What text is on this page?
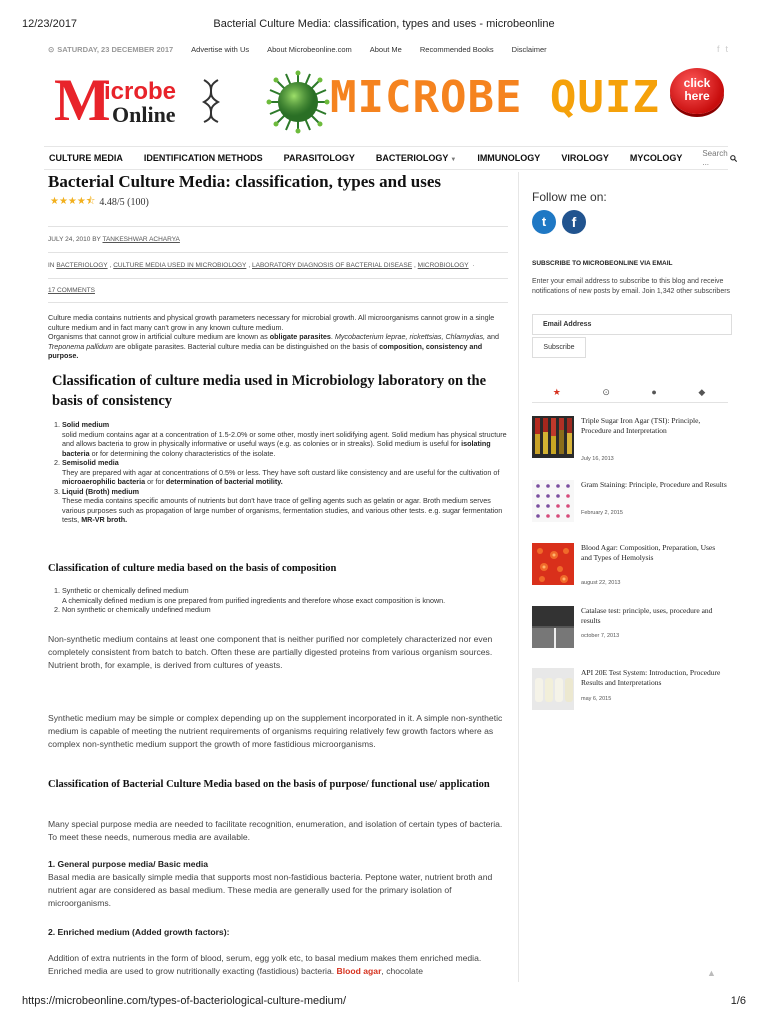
12/23/2017	Bacterial Culture Media: classification, types and uses - microbeonline
⊙ SATURDAY, 23 DECEMBER 2017 Advertise with Us About Microbeonline.com About Me Recommended Books Disclaimer	f t
M
icrobe
Online	MICROBE QUIZ	click
here
CULTURE MEDIA	IDENTIFICATION METHODS	PARASITOLOGY	BACTERIOLOGY ▼	IMMUNOLOGY	VIROLOGY	MYCOLOGY	Search ...
Bacterial Culture Media: classification, types and uses
★★★★⯪ 4.48/5 (100)
JULY 24, 2010 BY TANKESHWAR ACHARYA
IN BACTERIOLOGY , CULTURE MEDIA USED IN MICROBIOLOGY , LABORATORY DIAGNOSIS OF BACTERIAL DISEASE , MICROBIOLOGY ·
17 COMMENTS
Culture media contains nutrients and physical growth parameters necessary for microbial growth. All microorganisms cannot grow in a single culture medium and in fact many can't grow in any known culture medium.
Organisms that cannot grow in artificial culture medium are known as obligate parasites. Mycobacterium leprae, rickettsias, Chlamydias, and Treponema pallidum are obligate parasites. Bacterial culture media can be distinguished on the basis of composition, consistency and purpose.
Classification of culture media used in Microbiology laboratory on the basis of consistency
1. Solid medium
solid medium contains agar at a concentration of 1.5-2.0% or some other, mostly inert solidifying agent. Solid medium has physical structure and allows bacteria to grow in physically informative or useful ways (e.g. as colonies or in streaks). Solid medium is useful for isolating bacteria or for determining the colony characteristics of the isolate.
2. Semisolid media
They are prepared with agar at concentrations of 0.5% or less. They have soft custard like consistency and are useful for the cultivation of microaerophilic bacteria or for determination of bacterial motility.
3. Liquid (Broth) medium
These media contains specific amounts of nutrients but don't have trace of gelling agents such as gelatin or agar. Broth medium serves various purposes such as propagation of large number of organisms, fermentation studies, and various other tests. e.g. sugar fermentation tests, MR-VR broth.
Classification of culture media based on the basis of composition
1. Synthetic or chemically defined medium
A chemically defined medium is one prepared from purified ingredients and therefore whose exact composition is known.
2. Non synthetic or chemically undefined medium
Non-synthetic medium contains at least one component that is neither purified nor completely characterized nor even completely consistent from batch to batch. Often these are partially digested proteins from various organism sources. Nutrient broth, for example, is derived from cultures of yeasts.
Synthetic medium may be simple or complex depending up on the supplement incorporated in it. A simple non-synthetic medium is capable of meeting the nutrient requirements of organisms requiring relatively few growth factors where as complex non-synthetic medium support the growth of more fastidious microorganisms.
Classification of Bacterial Culture Media based on the basis of purpose/ functional use/ application
Many special purpose media are needed to facilitate recognition, enumeration, and isolation of certain types of bacteria. To meet these needs, numerous media are available.
1. General purpose media/ Basic media
Basal media are basically simple media that supports most non-fastidious bacteria. Peptone water, nutrient broth and nutrient agar are considered as basal medium. These media are generally used for the primary isolation of microorganisms.
2. Enriched medium (Added growth factors):
Addition of extra nutrients in the form of blood, serum, egg yolk etc, to basal medium makes them enriched media. Enriched media are used to grow nutritionally exacting (fastidious) bacteria. Blood agar, chocolate
Follow me on:
t	f
SUBSCRIBE TO MICROBEONLINE VIA EMAIL
Enter your email address to subscribe to this blog and receive notifications of new posts by email. Join 1,342 other subscribers
Email Address
Subscribe
★	⊙	●	◆
Triple Sugar Iron Agar (TSI): Principle, Procedure and Interpretation
July 16, 2013
Gram Staining: Principle, Procedure and Results
February 2, 2015
Blood Agar: Composition, Preparation, Uses and Types of Hemolysis
august 22, 2013
Catalase test: principle, uses, procedure and results
october 7, 2013
API 20E Test System: Introduction, Procedure Results and Interpretations
may 6, 2015
▲
https://microbeonline.com/types-of-bacteriological-culture-medium/	1/6
